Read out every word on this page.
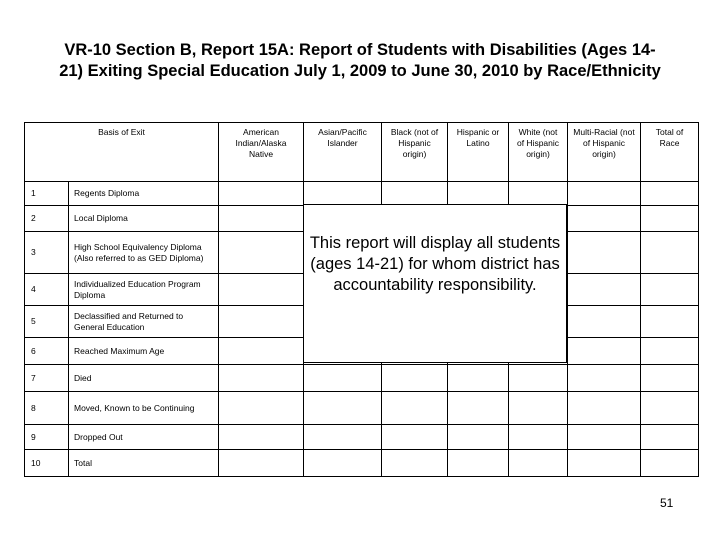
VR-10 Section B, Report 15A: Report of Students with Disabilities (Ages 14-
21) Exiting Special Education July 1, 2009 to June 30, 2010 by Race/Ethnicity
Basis of Exit		American Indian/Alaska Native	Asian/Pacific Islander	Black (not of Hispanic origin)	Hispanic or Latino	White (not of Hispanic origin)	Multi-Racial (not of Hispanic origin)	Total of Race
1	Regents Diploma							
2	Local Diploma							
3	High School Equivalency Diploma (Also referred to as GED Diploma)							
4	Individualized Education Program Diploma							
5	Declassified and Returned to General Education							
6	Reached Maximum Age							
7	Died							
8	Moved, Known to be Continuing							
9	Dropped Out							
10	Total							
This report will display all students (ages 14-21) for whom district has accountability responsibility.
51
